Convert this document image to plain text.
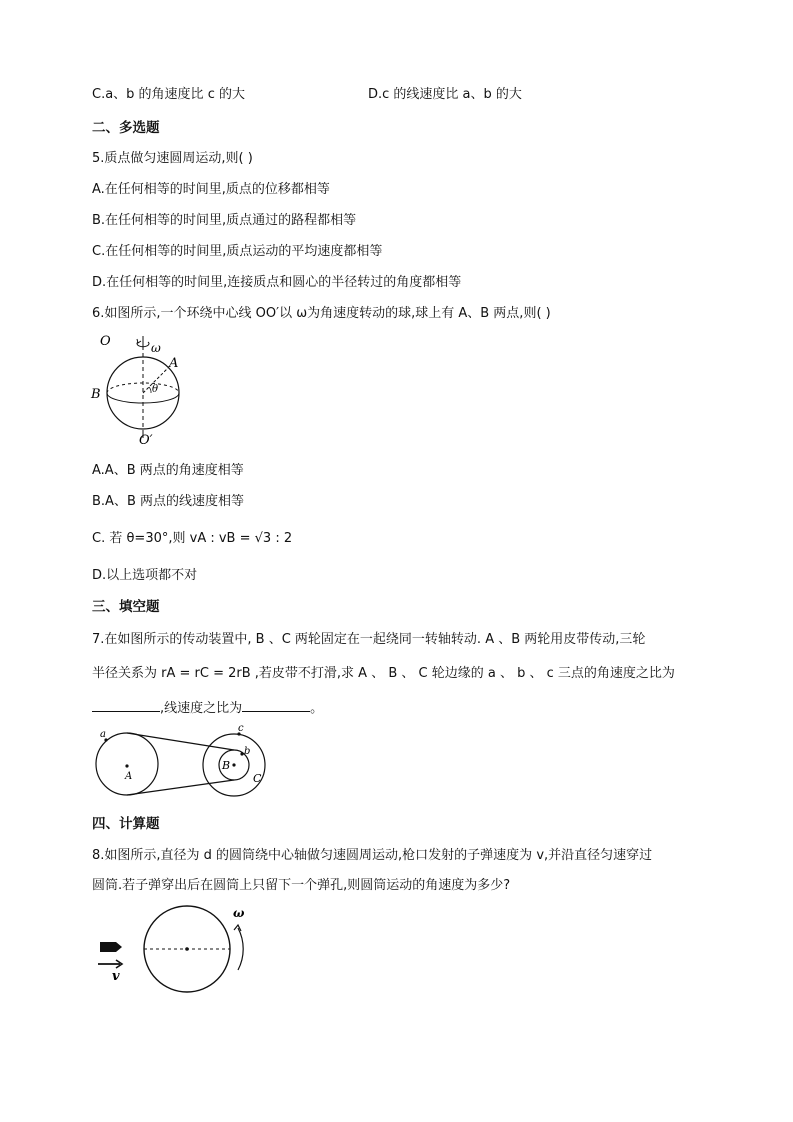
C.a、b 的角速度比 c 的大	D.c 的线速度比 a、b 的大
二、多选题
5.质点做匀速圆周运动,则( )
A.在任何相等的时间里,质点的位移都相等
B.在任何相等的时间里,质点通过的路程都相等
C.在任何相等的时间里,质点运动的平均速度都相等
D.在任何相等的时间里,连接质点和圆心的半径转过的角度都相等
6.如图所示,一个环绕中心线 OO′以 ω为角速度转动的球,球上有 A、B 两点,则( )
O	ω
A
B	θ
O′
A.A、B 两点的角速度相等
B.A、B 两点的线速度相等
C. 若 θ=30°,则 vA : vB = √3 : 2
D.以上选项都不对
三、填空题
7.在如图所示的传动装置中, B 、C 两轮固定在一起绕同一转轴转动. A 、B 两轮用皮带传动,三轮
半径关系为 rA = rC = 2rB ,若皮带不打滑,求 A 、 B 、 C 轮边缘的 a 、 b 、 c 三点的角速度之比为
,线速度之比为	。
a
A
B
b
c
C
四、计算题
8.如图所示,直径为 d 的圆筒绕中心轴做匀速圆周运动,枪口发射的子弹速度为 v,并沿直径匀速穿过
圆筒.若子弹穿出后在圆筒上只留下一个弹孔,则圆筒运动的角速度为多少?
v
ω
